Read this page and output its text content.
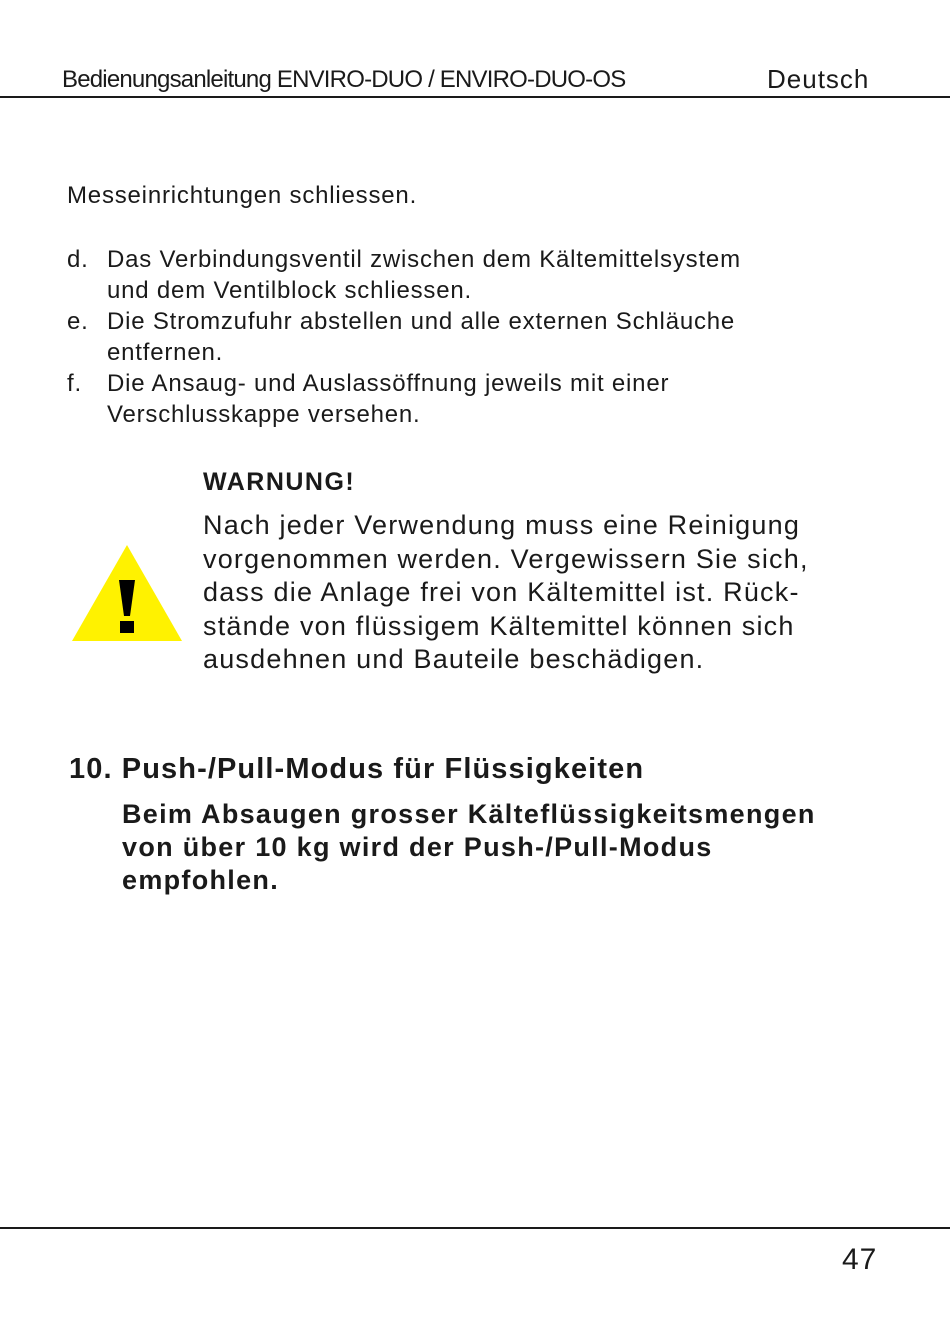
Bedienungsanleitung ENVIRO-DUO / ENVIRO-DUO-OS	Deutsch
Messeinrichtungen schliessen.
d. Das Verbindungsventil zwischen dem Kältemittelsystem
und dem Ventilblock schliessen.
e. Die Stromzufuhr abstellen und alle externen Schläuche
entfernen.
f. Die Ansaug- und Auslassöffnung jeweils mit einer
Verschlusskappe versehen.
WARNUNG!
Nach jeder Verwendung muss eine Reinigung
vorgenommen werden. Vergewissern Sie sich,
dass die Anlage frei von Kältemittel ist. Rück-
stände von flüssigem Kältemittel können sich
ausdehnen und Bauteile beschädigen.
10. Push-/Pull-Modus für Flüssigkeiten
Beim Absaugen grosser Kälteflüssigkeitsmengen
von über 10 kg wird der Push-/Pull-Modus
empfohlen.
47
